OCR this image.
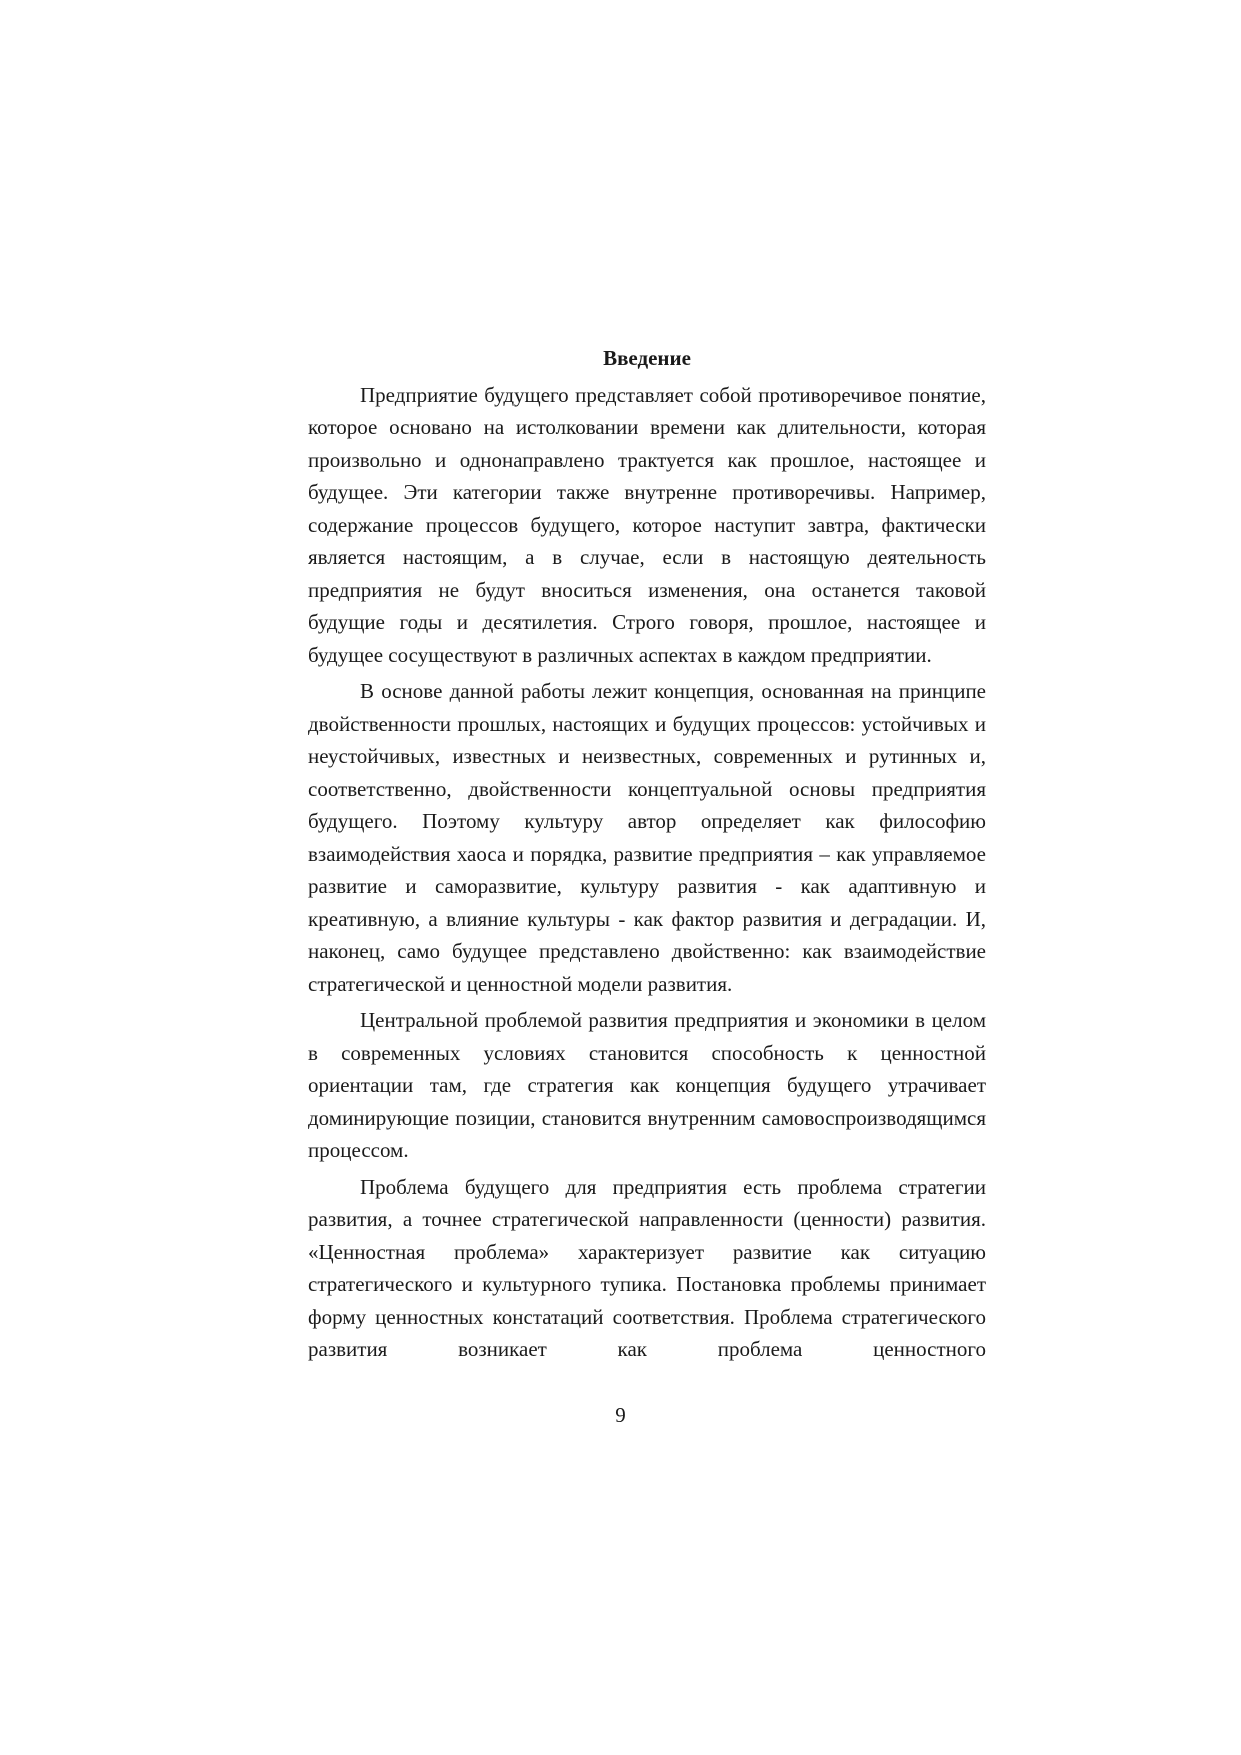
Введение

Предприятие будущего представляет собой противоречивое понятие, которое основано на истолковании времени как длительности, которая произвольно и однонаправлено трактуется как прошлое, настоящее и будущее. Эти категории также внутренне противоречивы. Например, содержание процессов будущего, которое наступит завтра, фактически является настоящим, а в случае, если в настоящую деятельность предприятия не будут вноситься изменения, она останется таковой будущие годы и десятилетия. Строго говоря, прошлое, настоящее и будущее сосуществуют в различных аспектах в каждом предприятии.

В основе данной работы лежит концепция, основанная на принципе двойственности прошлых, настоящих и будущих процессов: устойчивых и неустойчивых, известных и неизвестных, современных и рутинных и, соответственно, двойственности концептуальной основы предприятия будущего. Поэтому культуру автор определяет как философию взаимодействия хаоса и порядка, развитие предприятия – как управляемое развитие и саморазвитие, культуру развития - как адаптивную и креативную, а влияние культуры - как фактор развития и деградации. И, наконец, само будущее представлено двойственно: как взаимодействие стратегической и ценностной модели развития.

Центральной проблемой развития предприятия и экономики в целом в современных условиях становится способность к ценностной ориентации там, где стратегия как концепция будущего утрачивает доминирующие позиции, становится внутренним самовоспроизводящимся процессом.

Проблема будущего для предприятия есть проблема стратегии развития, а точнее стратегической направленности (ценности) развития. «Ценностная проблема» характеризует развитие как ситуацию стратегического и культурного тупика. Постановка проблемы принимает форму ценностных констатаций соответствия. Проблема стратегического развития возникает как проблема ценностного

9
